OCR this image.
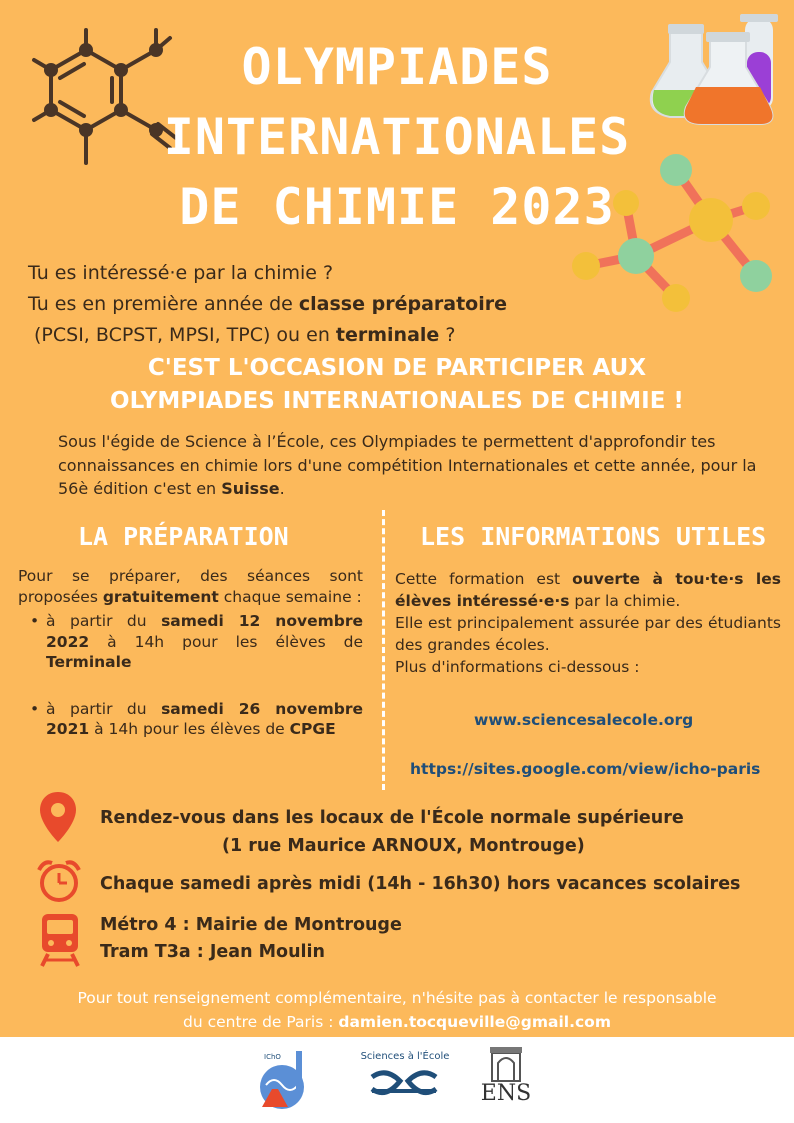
OLYMPIADES
INTERNATIONALES
DE CHIMIE 2023
Tu es intéressé·e par la chimie ?
Tu es en première année de classe préparatoire
(PCSI, BCPST, MPSI, TPC) ou en terminale ?
C'EST L'OCCASION DE PARTICIPER AUX
OLYMPIADES INTERNATIONALES DE CHIMIE !
Sous l'égide de Science à l’École, ces Olympiades te permettent d'approfondir tes connaissances en chimie lors d'une compétition Internationales et cette année, pour la 56è édition c'est en Suisse.
LA PRÉPARATION	LES INFORMATIONS UTILES
Pour se préparer, des séances sont proposées gratuitement chaque semaine :
• à partir du samedi 12 novembre 2022 à 14h pour les élèves de Terminale
• à partir du samedi 26 novembre 2021 à 14h pour les élèves de CPGE
Cette formation est ouverte à tou·te·s les élèves intéressé·e·s par la chimie.
Elle est principalement assurée par des étudiants des grandes écoles.
Plus d'informations ci-dessous :
www.sciencesalecole.org
https://sites.google.com/view/icho-paris
Rendez-vous dans les locaux de l'École normale supérieure
(1 rue Maurice ARNOUX, Montrouge)
Chaque samedi après midi (14h - 16h30) hors vacances scolaires
Métro 4 : Mairie de Montrouge
Tram T3a : Jean Moulin
Pour tout renseignement complémentaire, n'hésite pas à contacter le responsable
du centre de Paris : damien.tocqueville@gmail.com
IChO	Sciences à l'École
ENS
